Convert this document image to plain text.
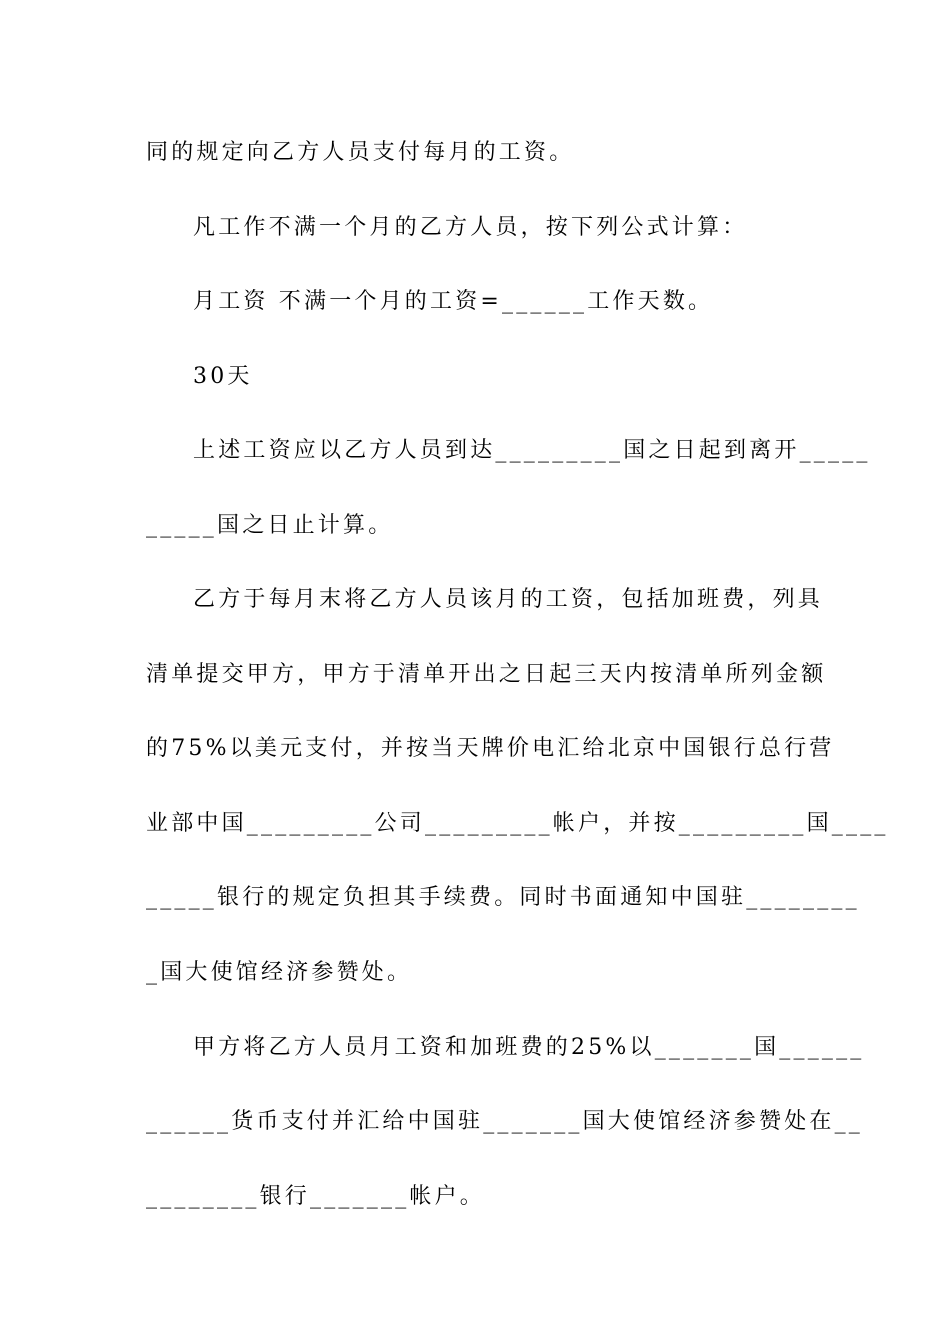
同的规定向乙方人员支付每月的工资。
凡工作不满一个月的乙方人员，按下列公式计算：
月工资 不满一个月的工资=______工作天数。
30天
上述工资应以乙方人员到达_________国之日起到离开_____
_____国之日止计算。
乙方于每月末将乙方人员该月的工资，包括加班费，列具
清单提交甲方，甲方于清单开出之日起三天内按清单所列金额
的75%以美元支付，并按当天牌价电汇给北京中国银行总行营
业部中国_________公司_________帐户，并按_________国____
_____银行的规定负担其手续费。同时书面通知中国驻________
_国大使馆经济参赞处。
甲方将乙方人员月工资和加班费的25%以_______国______
______货币支付并汇给中国驻_______国大使馆经济参赞处在__
________银行_______帐户。
